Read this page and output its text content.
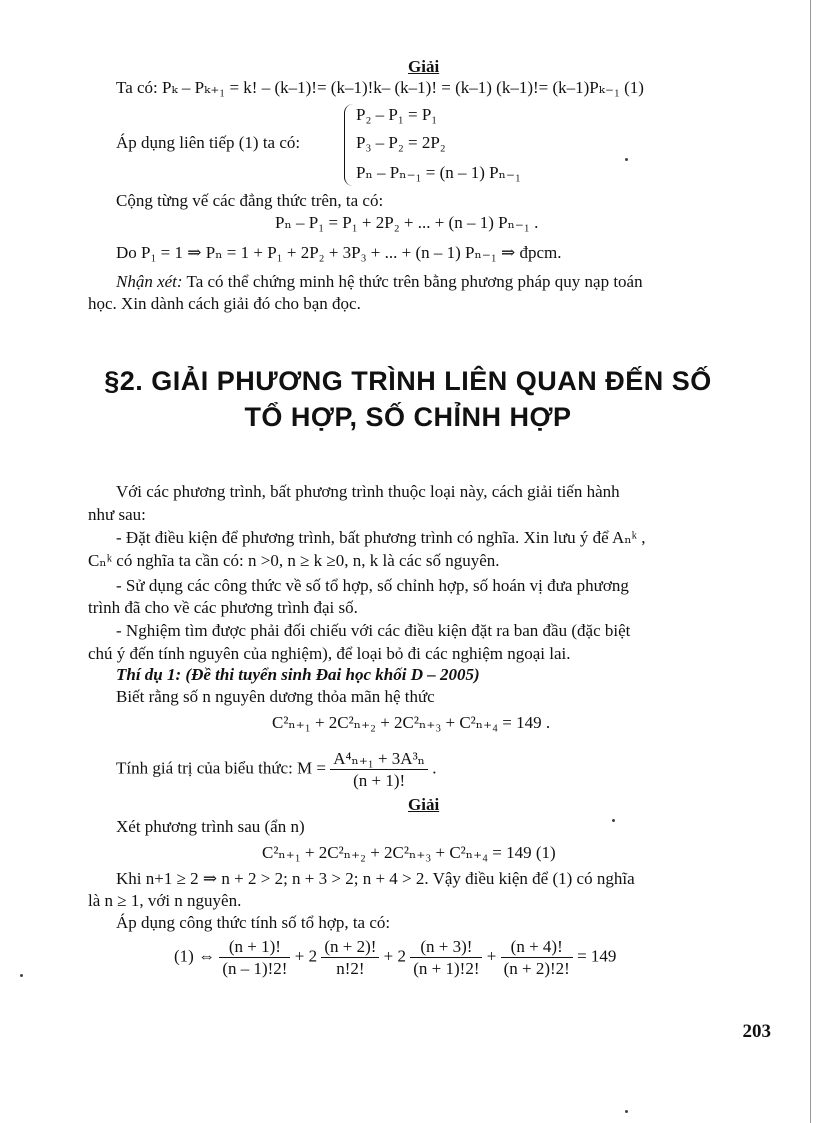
Giải
Ta có: Pₖ – Pₖ₊₁ = k! – (k–1)!= (k–1)!k– (k–1)! = (k–1) (k–1)!= (k–1)Pₖ₋₁ (1)
Áp dụng liên tiếp (1) ta có:
P₂ – P₁ = P₁
P₃ – P₂ = 2P₂
Pₙ – Pₙ₋₁ = (n – 1) Pₙ₋₁
Cộng từng vế các đẳng thức trên, ta có:
Pₙ – P₁ = P₁ + 2P₂ + ... + (n – 1) Pₙ₋₁ .
Do P₁ = 1 ⇒ Pₙ = 1 + P₁ + 2P₂ + 3P₃ + ... + (n – 1) Pₙ₋₁ ⇒ đpcm.
Nhận xét: Ta có thể chứng minh hệ thức trên bằng phương pháp quy nạp toán
học. Xin dành cách giải đó cho bạn đọc.
§2. GIẢI PHƯƠNG TRÌNH LIÊN QUAN ĐẾN SỐ
TỔ HỢP, SỐ CHỈNH HỢP
Với các phương trình, bất phương trình thuộc loại này, cách giải tiến hành
như sau:
- Đặt điều kiện để phương trình, bất phương trình có nghĩa. Xin lưu ý để Aₙᵏ ,
Cₙᵏ có nghĩa ta cần có: n >0, n ≥ k ≥0, n, k là các số nguyên.
- Sử dụng các công thức về số tổ hợp, số chỉnh hợp, số hoán vị đưa phương
trình đã cho về các phương trình đại số.
- Nghiệm tìm được phải đối chiếu với các điều kiện đặt ra ban đầu (đặc biệt
chú ý đến tính nguyên của nghiệm), để loại bỏ đi các nghiệm ngoại lai.
Thí dụ 1: (Đề thi tuyển sinh Đai học khối D – 2005)
Biết rằng số n nguyên dương thỏa mãn hệ thức
C²ₙ₊₁ + 2C²ₙ₊₂ + 2C²ₙ₊₃ + C²ₙ₊₄ = 149 .
Tính giá trị của biểu thức: $M = \frac{\text{A⁴ₙ₊₁ + 3A³ₙ}}{(n + 1)!}$ .
Giải
Xét phương trình sau (ẩn n)
C²ₙ₊₁ + 2C²ₙ₊₂ + 2C²ₙ₊₃ + C²ₙ₊₄ = 149 (1)
Khi n+1 ≥ 2 ⇒ n + 2 > 2; n + 3 > 2; n + 4 > 2. Vậy điều kiện để (1) có nghĩa
là n ≥ 1, với n nguyên.
Áp dụng công thức tính số tổ hợp, ta có:
(1) ⇔ $\frac{(n + 1)!}{(n - 1)!2!} + 2 \frac{(n + 2)!}{n!2!} + 2 \frac{(n + 3)!}{(n + 1)!2!} + \frac{(n + 4)!}{(n + 2)!2!} = 149$
203
